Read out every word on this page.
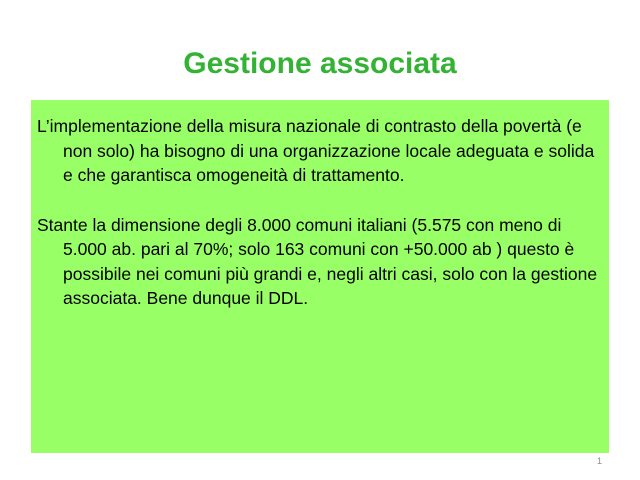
Gestione associata

L’implementazione della misura nazionale di contrasto della povertà (e non solo) ha bisogno di una organizzazione locale adeguata e solida e che garantisca omogeneità di trattamento.

Stante la dimensione degli 8.000 comuni italiani (5.575 con meno di 5.000 ab. pari al 70%; solo 163 comuni con +50.000 ab ) questo è possibile nei comuni più grandi e, negli altri casi, solo con la gestione associata. Bene dunque il DDL.

1
